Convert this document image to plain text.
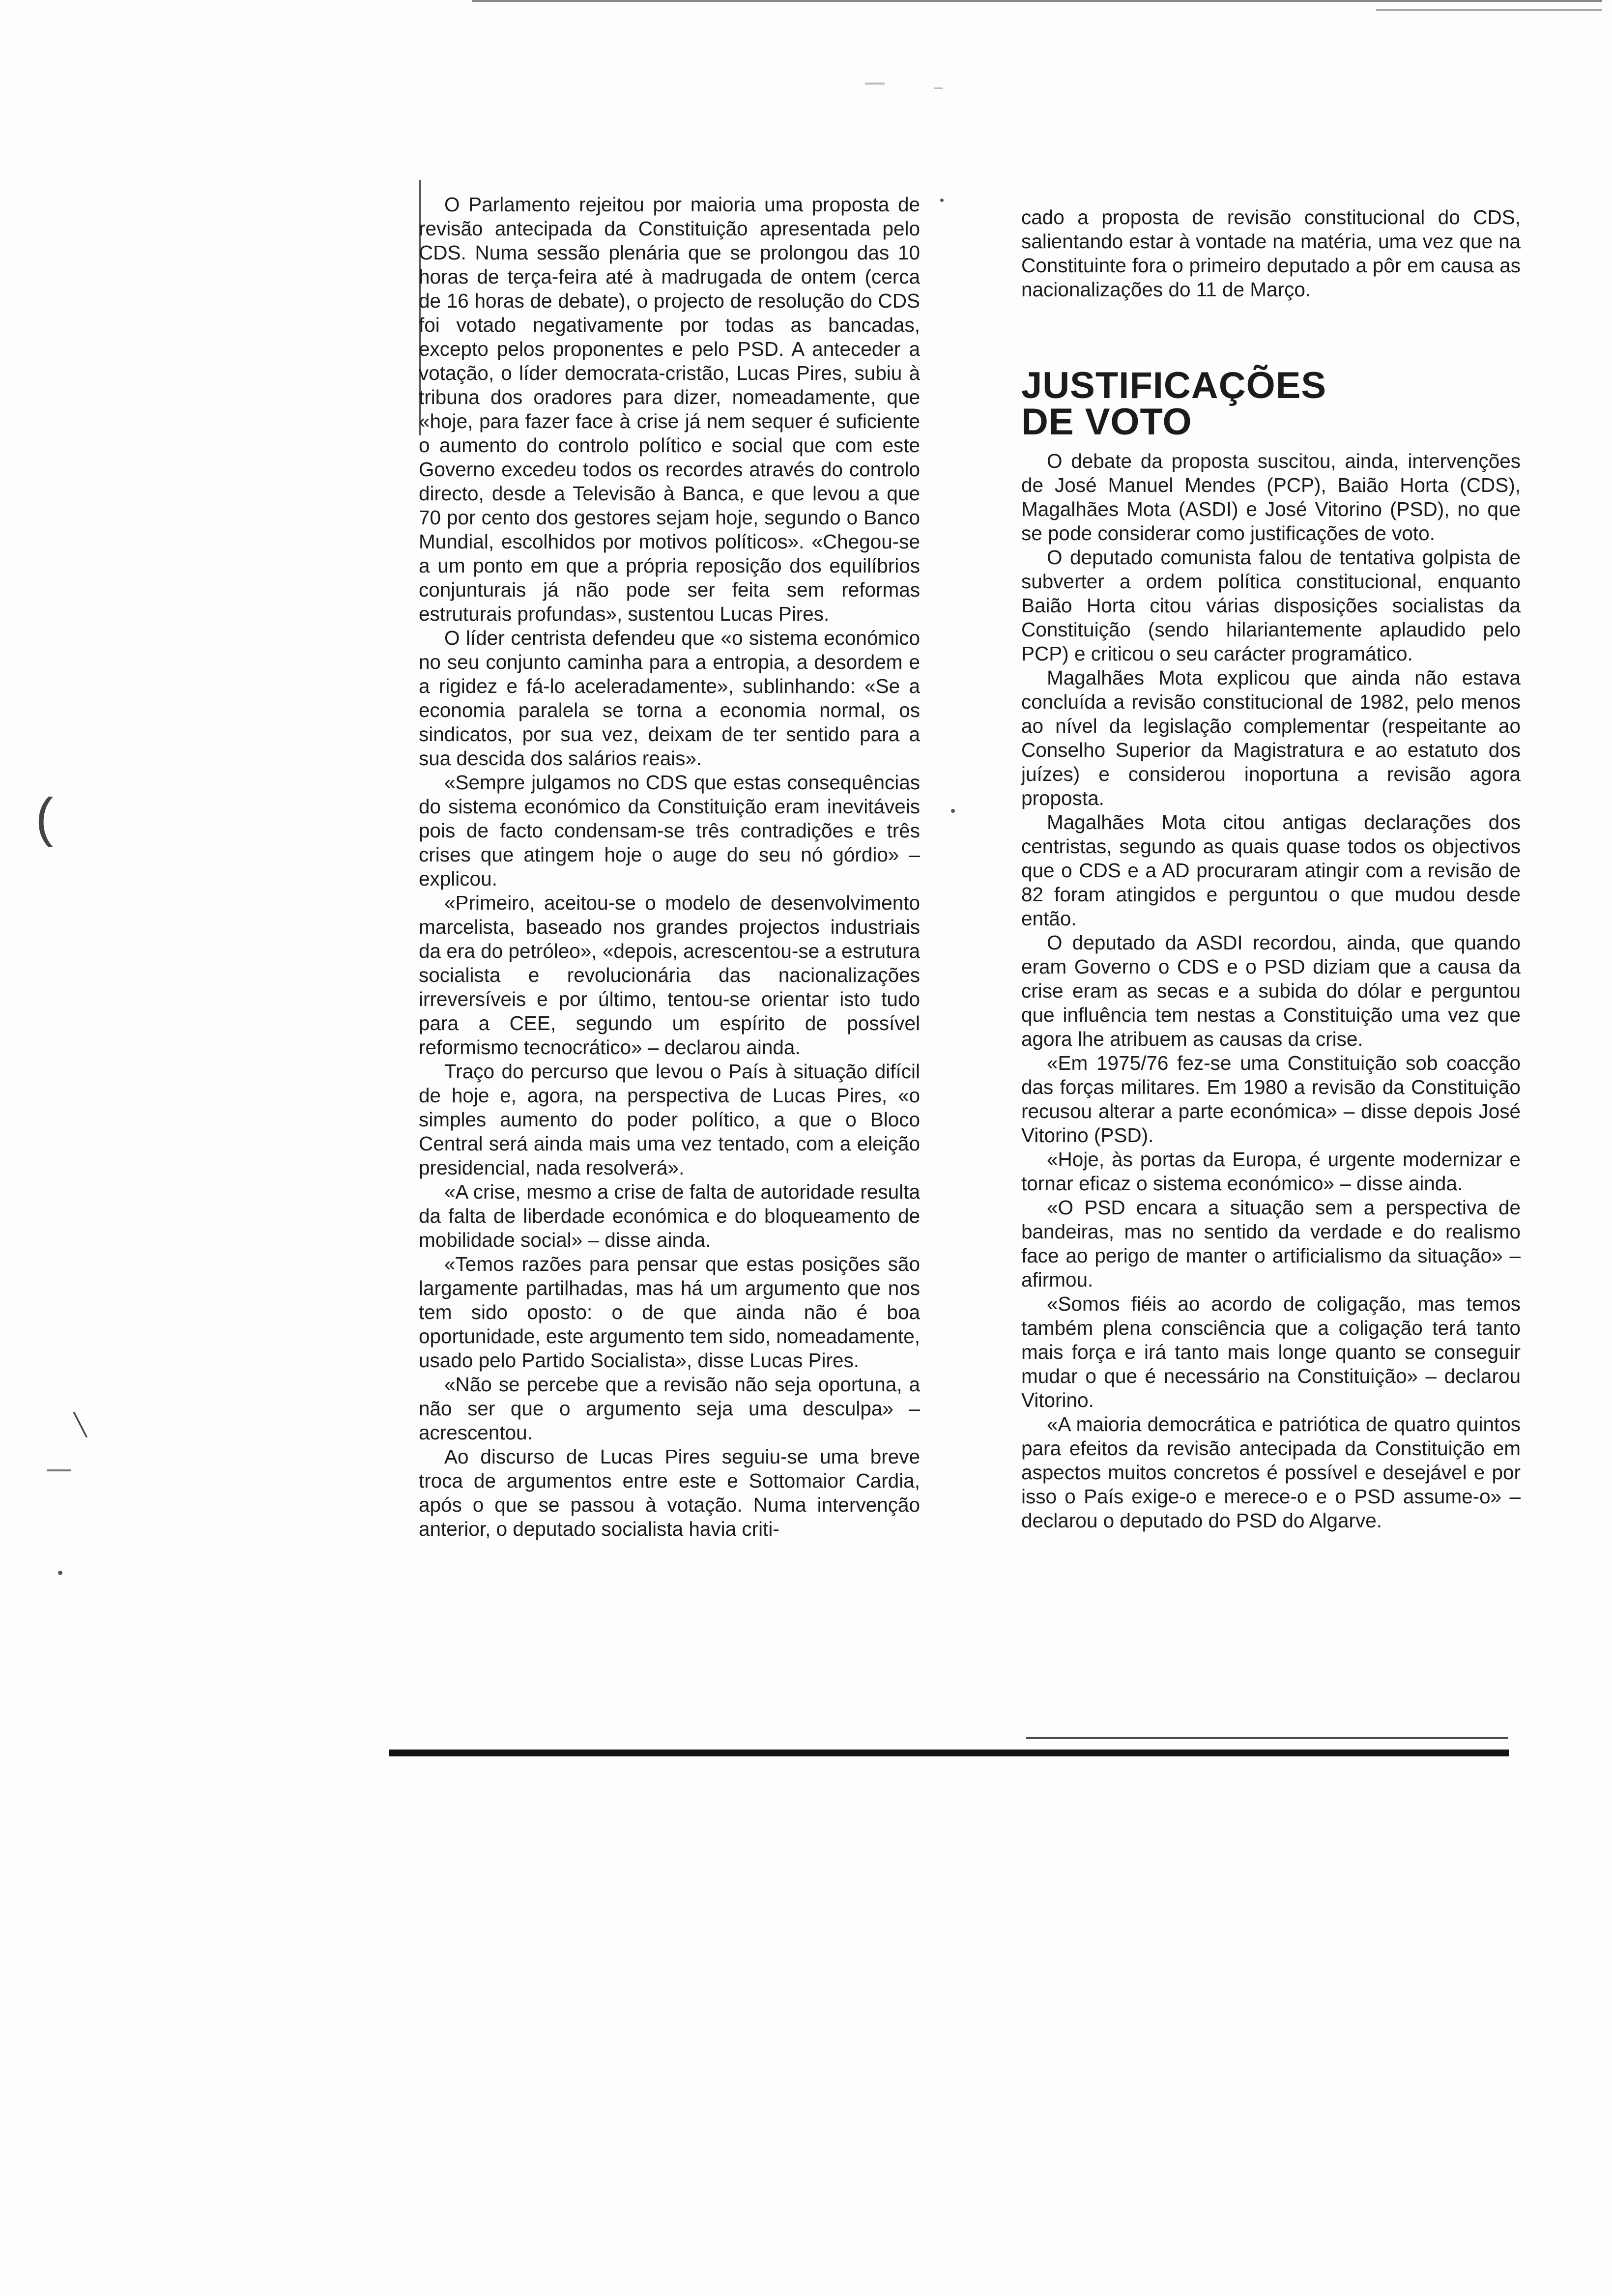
(
╲

O Parlamento rejeitou por maioria uma proposta de revisão antecipada da Constituição apresentada pelo CDS. Numa sessão plenária que se prolongou das 10 horas de terça-feira até à madrugada de ontem (cerca de 16 horas de debate), o projecto de resolução do CDS foi votado negativamente por todas as bancadas, excepto pelos proponentes e pelo PSD. A anteceder a votação, o líder democrata-cristão, Lucas Pires, subiu à tribuna dos oradores para dizer, nomeadamente, que «hoje, para fazer face à crise já nem sequer é suficiente o aumento do controlo político e social que com este Governo excedeu todos os recordes através do controlo directo, desde a Televisão à Banca, e que levou a que 70 por cento dos gestores sejam hoje, segundo o Banco Mundial, escolhidos por motivos políticos». «Chegou-se a um ponto em que a própria reposição dos equilíbrios conjunturais já não pode ser feita sem reformas estruturais profundas», sustentou Lucas Pires.

O líder centrista defendeu que «o sistema económico no seu conjunto caminha para a entropia, a desordem e a rigidez e fá-lo aceleradamente», sublinhando: «Se a economia paralela se torna a economia normal, os sindicatos, por sua vez, deixam de ter sentido para a sua descida dos salários reais».

«Sempre julgamos no CDS que estas consequências do sistema económico da Constituição eram inevitáveis pois de facto condensam-se três contradições e três crises que atingem hoje o auge do seu nó górdio» – explicou.

«Primeiro, aceitou-se o modelo de desenvolvimento marcelista, baseado nos grandes projectos industriais da era do petróleo», «depois, acrescentou-se a estrutura socialista e revolucionária das nacionalizações irreversíveis e por último, tentou-se orientar isto tudo para a CEE, segundo um espírito de possível reformismo tecnocrático» – declarou ainda.

Traço do percurso que levou o País à situação difícil de hoje e, agora, na perspectiva de Lucas Pires, «o simples aumento do poder político, a que o Bloco Central será ainda mais uma vez tentado, com a eleição presidencial, nada resolverá».

«A crise, mesmo a crise de falta de autoridade resulta da falta de liberdade económica e do bloqueamento de mobilidade social» – disse ainda.

«Temos razões para pensar que estas posições são largamente partilhadas, mas há um argumento que nos tem sido oposto: o de que ainda não é boa oportunidade, este argumento tem sido, nomeadamente, usado pelo Partido Socialista», disse Lucas Pires.

«Não se percebe que a revisão não seja oportuna, a não ser que o argumento seja uma desculpa» – acrescentou.

Ao discurso de Lucas Pires seguiu-se uma breve troca de argumentos entre este e Sottomaior Cardia, após o que se passou à votação. Numa intervenção anterior, o deputado socialista havia criti-

cado a proposta de revisão constitucional do CDS, salientando estar à vontade na matéria, uma vez que na Constituinte fora o primeiro deputado a pôr em causa as nacionalizações do 11 de Março.

JUSTIFICAÇÕES
DE VOTO

O debate da proposta suscitou, ainda, intervenções de José Manuel Mendes (PCP), Baião Horta (CDS), Magalhães Mota (ASDI) e José Vitorino (PSD), no que se pode considerar como justificações de voto.

O deputado comunista falou de tentativa golpista de subverter a ordem política constitucional, enquanto Baião Horta citou várias disposições socialistas da Constituição (sendo hilariantemente aplaudido pelo PCP) e criticou o seu carácter programático.

Magalhães Mota explicou que ainda não estava concluída a revisão constitucional de 1982, pelo menos ao nível da legislação complementar (respeitante ao Conselho Superior da Magistratura e ao estatuto dos juízes) e considerou inoportuna a revisão agora proposta.

Magalhães Mota citou antigas declarações dos centristas, segundo as quais quase todos os objectivos que o CDS e a AD procuraram atingir com a revisão de 82 foram atingidos e perguntou o que mudou desde então.

O deputado da ASDI recordou, ainda, que quando eram Governo o CDS e o PSD diziam que a causa da crise eram as secas e a subida do dólar e perguntou que influência tem nestas a Constituição uma vez que agora lhe atribuem as causas da crise.

«Em 1975/76 fez-se uma Constituição sob coacção das forças militares. Em 1980 a revisão da Constituição recusou alterar a parte económica» – disse depois José Vitorino (PSD).

«Hoje, às portas da Europa, é urgente modernizar e tornar eficaz o sistema económico» – disse ainda.

«O PSD encara a situação sem a perspectiva de bandeiras, mas no sentido da verdade e do realismo face ao perigo de manter o artificialismo da situação» – afirmou.

«Somos fiéis ao acordo de coligação, mas temos também plena consciência que a coligação terá tanto mais força e irá tanto mais longe quanto se conseguir mudar o que é necessário na Constituição» – declarou Vitorino.

«A maioria democrática e patriótica de quatro quintos para efeitos da revisão antecipada da Constituição em aspectos muitos concretos é possível e desejável e por isso o País exige-o e merece-o e o PSD assume-o» – declarou o deputado do PSD do Algarve.
